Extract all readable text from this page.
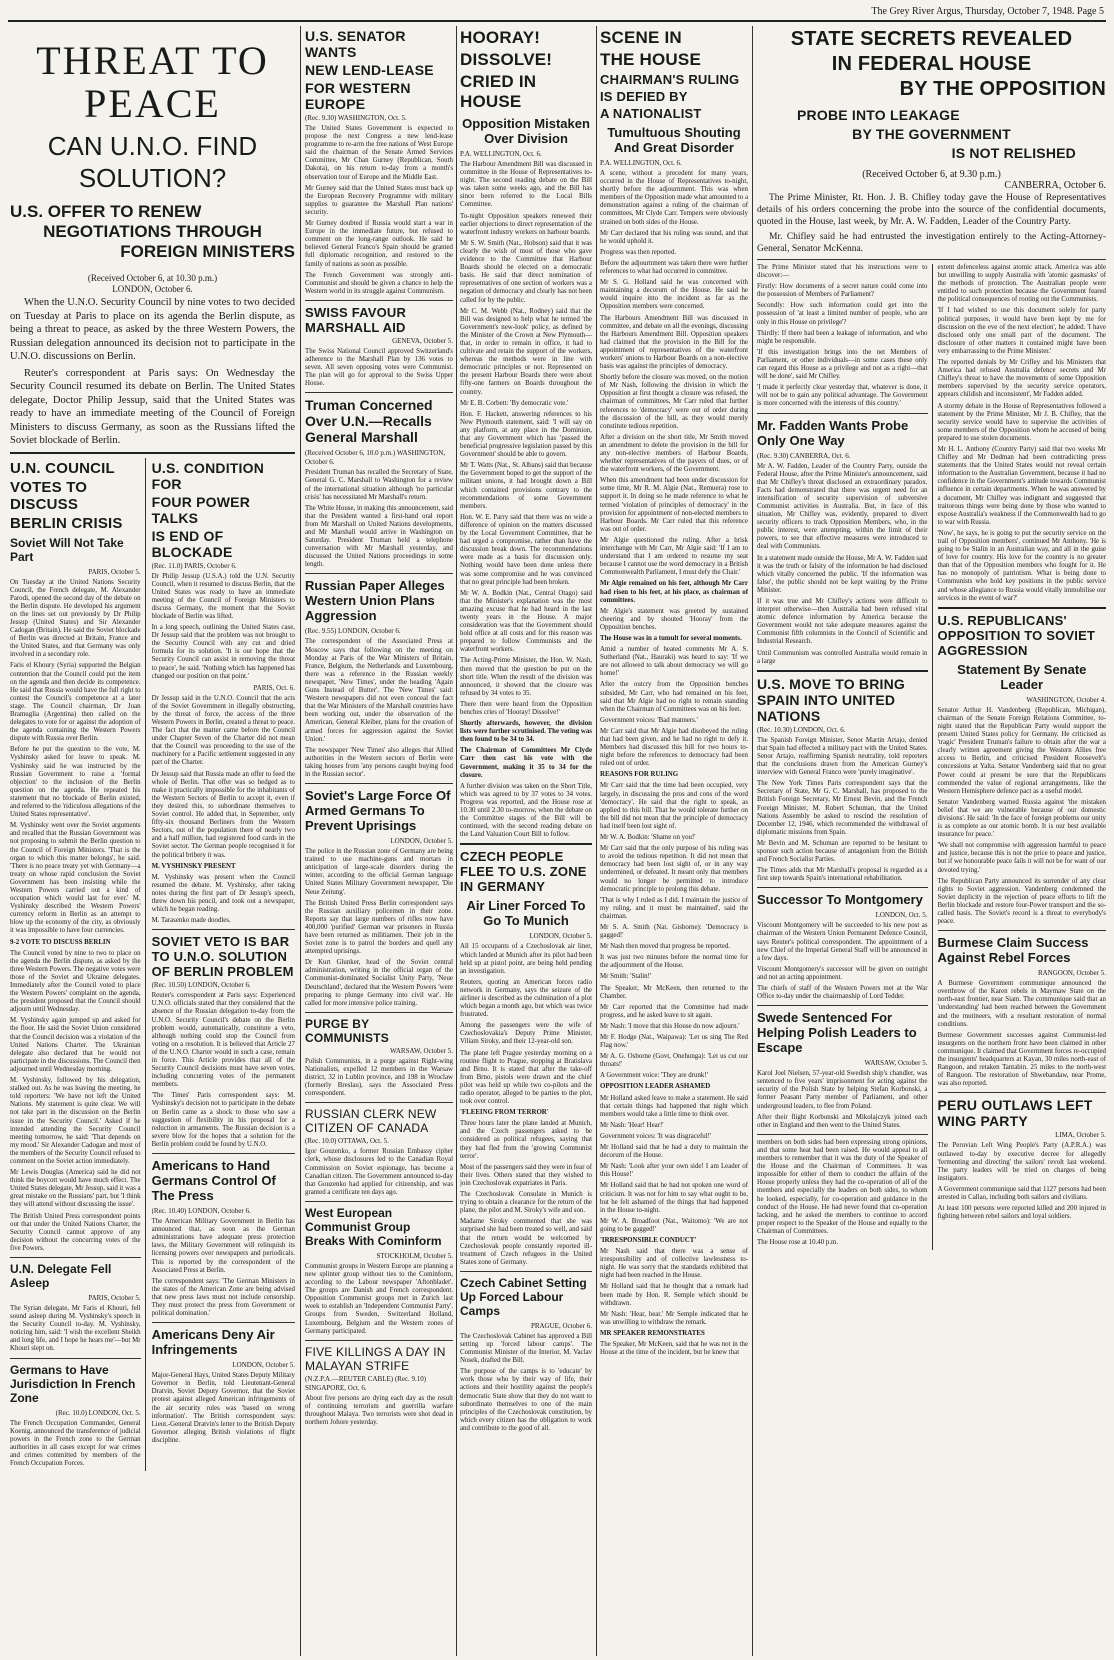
The Grey River Argus, Thursday, October 7, 1948. Page 5
THREAT TO
PEACE
CAN U.N.O. FIND
SOLUTION?
U.S. OFFER TO RENEW
NEGOTIATIONS THROUGH
FOREIGN MINISTERS
(Received October 6, at 10.30 p.m.)
LONDON, October 6.

When the U.N.O. Security Council by nine votes to two decided on Tuesday at Paris to place on its agenda the Berlin dispute, as being a threat to peace, as asked by the three Western Powers, the Russian delegation announced its decision not to participate in the U.N.O. discussions on Berlin.

Reuter's correspondent at Paris says: On Wednesday the Security Council resumed its debate on Berlin. The United States delegate, Doctor Philip Jessup, said that the United States was ready to have an immediate meeting of the Council of Foreign Ministers to discuss Germany, as soon as the Russians lifted the Soviet blockade of Berlin.

U.N. COUNCIL
VOTES TO DISCUSS
BERLIN CRISIS
Soviet Will Not Take Part
PARIS, October 5.

On Tuesday at the United Nations Security Council, the French delegate, M. Alexander Parodi, opened the second day of the debate on the Berlin dispute. He developed his argument on the lines set out previously by Dr Philip Jessup (United States) and Sir Alexander Cadogan (Britain). He said the Soviet blockade of Berlin was directed at Britain, France and the United States, and that Germany was only involved in a secondary role.

Faris el Khoury (Syria) supported the Belgian contention that the Council could put the item on the agenda and then decide its competence. He said that Russia would have the full right to contest the Council's competence at a later stage. The Council chairman, Dr Juan Bramuglia (Argentina) then called on the delegates to vote for or against the adoption of the agenda containing the Western Powers dispute with Russia over Berlin.

Before he put the question to the vote, M. Vyshinsky asked for leave to speak. M. Vyshinsky said he was instructed by the Russian Government to raise a 'formal objection' to the inclusion of the Berlin question on the agenda. He repeated his statement that no blockade of Berlin existed, and referred to the 'ridiculous allegations of the United States representative'.

M. Vyshinsky went over the Soviet arguments and recalled that the Russian Government was not proposing to submit the Berlin question to the Council of Foreign Ministers. 'That is the organ to which this matter belongs', he said. 'There is no peace treaty yet with Germany—a treaty on whose rapid conclusion the Soviet Government has been insisting while the Western Powers carried out a kind of occupation which would last for ever.' M. Vyshinsky described the Western Powers' currency reform in Berlin as an attempt to blow up the economy of the city, as obviously it was impossible to have four currencies.

9-2 VOTE TO DISCUSS BERLIN

The Council voted by nine to two to place on the agenda the Berlin dispute, as asked by the three Western Powers. The negative votes were those of the Soviet and Ukraine delegates. Immediately after the Council voted to place the Western Powers' complaint on the agenda, the president proposed that the Council should adjourn until Wednesday.

M. Vyshinsky again jumped up and asked for the floor. He said the Soviet Union considered that the Council decision was a violation of the United Nations Charter. The Ukrainian delegate also declared that he would not participate in the discussions. The Council then adjourned until Wednesday morning.

M. Vyshinsky, followed by his delegation, stalked out. As he was leaving the meeting, he told reporters: 'We have not left the United Nations. My statement is quite clear. We will not take part in the discussion on the Berlin issue in the Security Council.' Asked if he intended attending the Security Council meeting tomorrow, he said: 'That depends on my mood.' Sir Alexander Cadogan and most of the members of the Security Council refused to comment on the Soviet action immediately.

Mr Lewis Douglas (America) said he did not think the boycott would have much effect. The United States delegate, Mr Jessup, said it was a great mistake on the Russians' part, but 'I think they will attend without discussing the issue'.

The British United Press correspondent points out that under the United Nations Charter, the Security Council cannot approve of any decision without the concurring votes of the five Powers.

U.N. Delegate Fell Asleep
PARIS, October 5.

The Syrian delegate, Mr Faris el Khouri, fell sound asleep during M. Vyshinsky's speech in the Security Council to-day. M. Vyshinsky, noticing him, said: 'I wish the excellent Sheikh and long life, and I hope he hears me'—but Mr Khouri slept on.

Germans to Have Jurisdiction In French Zone
(Rec. 10.0) LONDON, Oct. 5.

The French Occupation Commander, General Koenig, announced the transference of judicial powers in the French zone to the German authorities in all cases except for war crimes and crimes committed by members of the French Occupation Forces.

U.S. CONDITION FOR
FOUR POWER TALKS
IS END OF BLOCKADE
(Rec. 11.0) PARIS, October 6.

Dr Philip Jessup (U.S.A.) told the U.N. Security Council, when it resumed to discuss Berlin, that the United States was ready to have an immediate meeting of the Council of Foreign Ministers to discuss Germany, the moment that the Soviet blockade of Berlin was lifted.

In a long speech, outlining the United States case, Dr Jessup said that the problem was not brought to the Security Council with any cut and dried formula for its solution. 'It is our hope that the Security Council can assist in removing the threat to peace', he said. 'Nothing which has happened has changed our position on that point.'

PARIS, Oct. 6.

Dr Jessup said in the U.N.O. Council that the acts of the Soviet Government in illegally obstructing, by the threat of force, the access of the three Western Powers in Berlin, created a threat to peace. The fact that the matter came before the Council under Chapter Seven of the Charter did not mean that the Council was proceeding to the use of the machinery for a Pacific settlement suggested in any part of the Charter.

Dr Jessup said that Russia made an offer to feed the whole of Berlin. That offer was so hedged as to make it practically impossible for the inhabitants of the Western Sectors of Berlin to accept it, even if they desired this, to subordinate themselves to Soviet control. He added that, in September, only fifty-six thousand Berliners from the Western Sectors, out of the population there of nearly two and a half million, had registered food cards in the Soviet sector. The German people recognised it for the political bribery it was.

M. VYSHINSKY PRESENT

M. Vyshinsky was present when the Council resumed the debate. M. Vyshinsky, after taking notes during the first part of Dr Jessup's speech, threw down his pencil, and took out a newspaper, which he began reading.

M. Tarasenko made doodles.

SOVIET VETO IS BAR TO U.N.O. SOLUTION OF BERLIN PROBLEM
(Rec. 10.50) LONDON, October 6.

Reuter's correspondent at Paris says: Experienced U.N.O. officials stated that they considered that the absence of the Russian delegation to-day from the U.N.O. Security Council's debate on the Berlin problem would, automatically, constitute a veto, although nothing could stop the Council from voting on a resolution. It is believed that Article 27 of the U.N.O. Charter would in such a case, remain in force. This Article provides that all of the Security Council decisions must have seven votes, including concurring votes of the permanent members.

'The Times' Paris correspondent says: M. Vyshinsky's decision not to participate in the debate on Berlin came as a shock to those who saw a suggestion of flexibility in his proposal for a reduction in armaments. The Russian decision is a severe blow for the hopes that a solution for the Berlin problem could be found by U.N.O.

Americans to Hand Germans Control Of The Press
(Rec. 10.40) LONDON, October 6.

The American Military Government in Berlin has announced that, as soon as the German administrations have adequate press protection laws, the Military Government will relinquish its licensing powers over newspapers and periodicals. This is reported by the correspondent of the Associated Press at Berlin.

The correspondent says: 'The German Ministers in the states of the American Zone are being advised that new press laws must not include censorship. They must protect the press from Government or political domination.'

Americans Deny Air Infringements
LONDON, October 5.

Major-General Hays, United States Deputy Military Governor in Berlin, told Lieutenant-General Dratvin, Soviet Deputy Governor, that the Soviet protest against alleged American infringements of the air security rules was 'based on wrong information'. The British correspondent says: Lieut.-General Dratvin's letter to the British Deputy Governor alleging British violations of flight discipline.

U.S. SENATOR WANTS
NEW LEND-LEASE
FOR WESTERN EUROPE
(Rec. 9.30) WASHINGTON, Oct. 5.

The United States Government is expected to propose the next Congress a new lend-lease programme to re-arm the free nations of West Europe said the chairman of the Senate Armed Services Committee, Mr Chan Gurney (Republican, South Dakota), on his return to-day from a month's observation tour of Europe and the Middle East.

Mr Gurney said that the United States must back up the European Recovery Programme with military supplies to guarantee the Marshall Plan nations' security.

Mr Gurney doubted if Russia would start a war in Europe in the immediate future, but refused to comment on the long-range outlook. He said he believed General Franco's Spain should be granted full diplomatic recognition, and restored to the family of nations as soon as possible.

The French Government was strongly anti-Communist and should be given a chance to help the Western world in its struggle against Communism.

SWISS FAVOUR MARSHALL AID
GENEVA, October 5.

The Swiss National Council approved Switzerland's adherence to the Marshall Plan by 136 votes to seven. All seven opposing votes were Communist. The plan will go for approval to the Swiss Upper House.

Truman Concerned Over U.N.—Recalls General Marshall
(Received October 6, 10.0 p.m.) WASHINGTON, October 6.

President Truman has recalled the Secretary of State, General G. C. Marshall to Washington for a review of the international situation although 'no particular crisis' has necessitated Mr Marshall's return.

The White House, in making this announcement, said that the President wanted a first-hand oral report from Mr Marshall on United Nations developments, and Mr Marshall would arrive in Washington on Saturday. President Truman held a telephone conversation with Mr Marshall yesterday, and discussed the United Nations proceedings in some length.

Russian Paper Alleges Western Union Plans Aggression
(Rec. 9.55) LONDON, October 6.

The correspondent of the Associated Press at Moscow says that following on the meeting on Monday at Paris of the War Ministers of Britain, France, Belgium, the Netherlands and Luxembourg, there was a reference in the Russian weekly newspaper, 'New Times', under the heading 'Again Guns Instead of Butter'. The 'New Times' said: 'Western newspapers did not even conceal the fact that the War Ministers of the Marshall countries have been working out, under the observation of the American, General Kleiber, plans for the creation of armed forces for aggression against the Soviet Union.'

The newspaper 'New Times' also alleges that Allied authorities in the Western sectors of Berlin were taking houses from 'any persons caught buying food in the Russian sector'.

Soviet's Large Force Of Armed Germans To Prevent Uprisings
LONDON, October 5.

The police in the Russian zone of Germany are being trained to use machine-guns and mortars in anticipation of large-scale disorders during the winter, according to the official German language United States Military Government newspaper, 'Die Neue Zeitung'.

The British United Press Berlin correspondent says the Russian auxiliary policemen in their zone. Reports say that large numbers of rifles now have 400,000 'purified' German war prisoners in Russia have been returned as militiamen. Their job in the Soviet zone is to patrol the borders and quell any attempted uprisings.

Dr Kurt Glunker, head of the Soviet central administration, writing in the official organ of the Communist-dominated Socialist Unity Party, 'Neue Deutschland', declared that the Western Powers 'were preparing to plunge Germany into civil war'. He called for more intensive police training.

PURGE BY COMMUNISTS
WARSAW, October 5.

Polish Communists, in a purge against Right-wing Nationalists, expelled 12 members in the Warsaw district, 32 in Lublin province, and 198 in Wroclaw (formerly Breslau), says the Associated Press correspondent.

RUSSIAN CLERK NEW CITIZEN OF CANADA
(Rec. 10.0) OTTAWA, Oct. 5.

Igor Gouzenko, a former Russian Embassy cipher clerk, whose disclosures led to the Canadian Royal Commission on Soviet espionage, has become a Canadian citizen. The Government announced to-day that Gouzenko had applied for citizenship, and was granted a certificate ten days ago.

West European Communist Group Breaks With Cominform
STOCKHOLM, October 5.

Communist groups in Western Europe are planning a new splinter group without ties to the Cominform, according to the Labour newspaper 'Aftonbladet'. The groups are Danish and French correspondent. Opposition Communist groups met in Zurich last week to establish an 'Independent Communist Party'. Groups from Sweden, Switzerland Holland, Luxembourg, Belgium and the Western zones of Germany participated.

FIVE KILLINGS A DAY IN MALAYAN STRIFE
(N.Z.P.A.—REUTER CABLE) (Rec. 9.10) SINGAPORE, Oct. 6.

About five persons are dying each day as the result of continuing terrorism and guerrilla warfare throughout Malaya. Two terrorists were shot dead in northern Johore yesterday.

HOORAY!
DISSOLVE!
CRIED IN HOUSE
Opposition Mistaken Over Division
P.A. WELLINGTON, Oct. 6.

The Harbour Amendment Bill was discussed in committee in the House of Representatives to-night. The second reading debate on the Bill was taken some weeks ago, and the Bill has since been referred to the Local Bills Committee.

To-night Opposition speakers renewed their earlier objections to direct representation of the waterfront industry workers on harbour boards.

Mr S. W. Smith (Nat., Hobson) said that it was clearly the wish of most of those who gave evidence to the Committee that Harbour Boards should be elected on a democratic basis. He said that direct nomination of representatives of one section of workers was a negation of democracy and clearly has not been called for by the public.

Mr C. M. Webb (Nat., Rodney) said that the Bill was designed to help what he termed 'the Government's new-look' policy, as defined by the Minister of the Crown at New Plymouth—that, in order to remain in office, it had to cultivate and retain the support of the workers, whereas the methods were in line with democratic principles or not. Represented on the present Harbour Boards there were about fifty-one farmers on Boards throughout the country.

Mr E. B. Corbett: 'By democratic vote.'

Hon. F. Hackett, answering references to his New Plymouth statement, said: 'I will say on any platform, at any place in the Dominion, that any Government which has 'passed the beneficial progressive legislation passed by this Government' should be able to govern.

Mr T. Watts (Nat., St. Albans) said that because the Government hoped to get the support of the militant unions, it had brought down a Bill which contained provisions contrary to the recommendations of some Government members.

Hon. W. E. Parry said that there was no wide a difference of opinion on the matters discussed by the Local Government Committee, that he had urged a compromise, rather than have the discussion break down. The recommendations were made as a basis for discussion only. Nothing would have been done unless there was some compromise and he was convinced that no great principle had been broken.

Mr W. A. Bodkin (Nat., Central Otago) said that the Minister's explanation was the most amazing excuse that he had heard in the last twenty years in the House. A major consideration was that the Government should hold office at all costs and for this reason was prepared to follow Communists and the waterfront workers.

The Acting-Prime Minister, the Hon. W. Nash, then moved that the question be put on the short title. When the result of the division was announced, it showed that the closure was refused by 34 votes to 35.

There then were heard from the Opposition benches cries of 'Hooray! Dissolve!'

Shortly afterwards, however, the division lists were further scrutinised. The voting was then found to be 34 to 34.

The Chairman of Committees Mr Clyde Carr then cast his vote with the Government, making it 35 to 34 for the closure.

A further division was taken on the Short Title, which was agreed to by 37 votes to 34 votes. Progress was reported, and the House rose at 10.30 until 2.30 to-morrow, when the debate on the Committee stages of the Bill will be continued, with the second reading debate on the Land Valuation Court Bill to follow.

CZECH PEOPLE FLEE TO U.S. ZONE IN GERMANY
Air Liner Forced To Go To Munich
LONDON, October 5.

All 15 occupants of a Czechoslovak air liner, which landed at Munich after its pilot had been held up at pistol point, are being held pending an investigation.

Reuters, quoting an American forces radio network in Germany, says the seizure of the airliner is described as the culmination of a plot which began a month ago, but which was twice frustrated.

Among the passengers were the wife of Czechoslovakia's Deputy Prime Minister, Viliam Siroky, and their 12-year-old son.

The plane left Prague yesterday morning on a routine flight to Prague, stopping at Bratislava and Brno. It is stated that after the take-off from Brno, pistols were drawn and the chief pilot was held up while two co-pilots and the radio operator, alleged to be parties to the plot, took over control.

'FLEEING FROM TERROR'

Three hours later the plane landed at Munich, and the Czech passengers asked to be considered as political refugees, saying that they had fled from the 'growing Communist terror'.

Most of the passengers said they were in fear of their lives. Others stated that they wished to join Czechoslovak expatriates in Paris.

The Czechoslovak Consulate in Munich is trying to obtain a clearance for the return of the plane, the pilot and M. Siroky's wife and son.

Madame Siroky commented that she was surprised she had been treated so well, and said that the return would be welcomed by Czechoslovak people constantly reported ill-treatment of Czech refugees in the United States zone of Germany.

Czech Cabinet Setting Up Forced Labour Camps
PRAGUE, October 6.

The Czechoslovak Cabinet has approved a Bill setting up 'forced labour camps'. The Communist Minister of the Interior, M. Vaclav Nosek, drafted the Bill.

The purpose of the camps is to 'educate' by work those who by their way of life, their actions and their hostility against the people's democratic State show that they do not want to subordinate themselves to one of the main principles of the Czechoslovak constitution, by which every citizen has the obligation to work and contribute to the good of all.

SCENE IN
THE HOUSE
CHAIRMAN'S RULING
IS DEFIED BY
A NATIONALIST
Tumultuous Shouting And Great Disorder
P.A. WELLINGTON, Oct. 6.

A scene, without a precedent for many years, occurred in the House of Representatives to-night, shortly before the adjournment. This was when members of the Opposition made what amounted to a demonstration against a ruling of the chairman of committees, Mr Clyde Carr. Tempers were obviously strained on both sides of the House.

Mr Carr declared that his ruling was sound, and that he would uphold it.

Progress was then reported.

Before the adjournment was taken there were further references to what had occurred in committee.

Mr S. G. Holland said he was concerned with maintaining a decorum of the House. He said he would inquire into the incident as far as the Opposition members were concerned.

The Harbours Amendment Bill was discussed in committee, and debate on all the evenings, discussing the Harbours Amendment Bill. Opposition speakers had claimed that the provision in the Bill for the appointment of representatives of the waterfront workers' unions to Harbour Boards on a non-elective basis was against the principles of democracy.

Shortly before the closure was moved, on the motion of Mr Nash, following the division in which the Opposition at first thought a closure was refused, the chairman of committees, Mr Carr ruled that further references to 'democracy' were out of order during the discussion of the bill, as they would merely constitute tedious repetition.

After a division on the short title, Mr Smith moved an amendment to delete the provision in the bill for any non-elective members of Harbour Boards, whether representatives of the payers of dues, or of the waterfront workers, of the Government.

When this amendment had been under discussion for some time, Mr R. M. Algie (Nat., Remuera) rose to support it. In doing so he made reference to what he termed 'violation of principles of democracy' in the provision for appointment of non-elected members to Harbour Boards. Mr Carr ruled that this reference was out of order.

Mr Algie questioned the ruling. After a brisk interchange with Mr Carr, Mr Algie said: 'If I am to understand that I am ordered to resume my seat because I cannot use the word democracy in a British Commonwealth Parliament, I must defy the Chair.'

Mr Algie remained on his feet, although Mr Carr had risen to his feet, at his place, as chairman of committees.

Mr Algie's statement was greeted by sustained cheering and by shouted 'Hooray' from the Opposition benches.

The House was in a tumult for several moments.

Amid a number of heated comments Mr A. S. Sutherland (Nat., Hauraki) was heard to say: 'If we are not allowed to talk about democracy we will go home!'

After the outcry from the Opposition benches subsided, Mr Carr, who had remained on his feet, said that Mr Algie had no right to remain standing when the Chairman of Committees was on his feet.

Government voices: 'Bad manners.'

Mr Carr said that Mr Algie had disobeyed the ruling that had been given, and he had no right to defy it. Members had discussed this bill for two hours to-night before the references to democracy had been ruled out of order.

REASONS FOR RULING

Mr Carr said that the time had been occupied, very largely, in discussing the pros and cons of the word 'democracy'. He said that the right to speak, as applied to this bill. That he would tolerate further on the bill did not mean that the principle of democracy had itself been lost sight of.

Mr W. A. Bodkin: 'Shame on you!'

Mr Carr said that the only purpose of his ruling was to avoid the tedious repetition. It did not mean that democracy had been lost sight of, or in any way undermined, or defeated. It meant only that members would no longer be permitted to introduce democratic principle to prolong this debate.

'That is why I ruled as I did. I maintain the justice of my ruling, and it must be maintained', said the chairman.

Mr S. A. Smith (Nat. Gisborne): 'Democracy is gagged!'

Mr Nash then moved that progress be reported.

It was just two minutes before the normal time for the adjournment of the House.

Mr Smith: 'Stalin!'

The Speaker, Mr McKeen, then returned to the Chamber.

Mr Carr reported that the Committee had made progress, and he asked leave to sit again.

Mr Nash: 'I move that this House do now adjourn.'

Mr F. Hodge (Nat., Waipawa): 'Let us sing The Red Flag now.'

Mr A. G. Osborne (Govt, Onehunga): 'Let us cut our throats!'

A Government voice: 'They are drunk!'

OPPOSITION LEADER ASHAMED

Mr Holland asked leave to make a statement. He said that certain things had happened that night which members would take a little time to think over.

Mr Nash: 'Hear! Hear!'

Government voices: 'It was disgraceful!'

Mr Holland said that he had a duty to maintain the decorum of the House.

Mr Nash: 'Look after your own side! I am Leader of this House!'

Mr Holland said that he had not spoken one word of criticism. It was not for him to say what ought to be, but he felt ashamed of the things that had happened in the House to-night.

Mr W. A. Broadfoot (Nat., Waitomo): 'We are not going to be gagged!'

'IRRESPONSIBLE CONDUCT'

Mr Nash said that there was a sense of irresponsibility and of collective lawlessness to-night. He was sorry that the standards exhibited that night had been reached in the House.

Mr Holland said that he thought that a remark had been made by Hon. R. Semple which should be withdrawn.

Mr Nash: 'Hear, hear.' Mr Semple indicated that he was unwilling to withdraw the remark.

MR SPEAKER REMONSTRATES

The Speaker, Mr McKeen, said that he was not in the House at the time of the incident, but he knew that

STATE SECRETS REVEALED
IN FEDERAL HOUSE
BY THE OPPOSITION
PROBE INTO LEAKAGE
BY THE GOVERNMENT
IS NOT RELISHED
(Received October 6, at 9.30 p.m.)
CANBERRA, October 6.

The Prime Minister, Rt. Hon. J. B. Chifley today gave the House of Representatives details of his orders concerning the probe into the source of the confidential documents, quoted in the House, last week, by Mr. A. W. Fadden, Leader of the Country Party.

Mr. Chifley said he had entrusted the investigation entirely to the Acting-Attorney-General, Senator McKenna.

The Prime Minister stated that his instructions were to discover:—

Firstly: How documents of a secret nature could come into the possession of Members of Parliament?

Secondly: How such information could get into the possession of 'at least a limited number of people, who are only in this House on privilege'?

Thirdly: If there had been a leakage of information, and who might be responsible.

'If this investigation brings into the net Members of Parliament, or other individuals—in some cases these only can regard this House as a privilege and not as a right—that will be done', said Mr Chifley.

'I made it perfectly clear yesterday that, whatever is done, it will not be to gain any political advantage. The Government is more concerned with the interests of this country.'

Mr. Fadden Wants Probe Only One Way
(Rec. 9.30) CANBERRA, Oct. 6.

Mr A. W. Fadden, Leader of the Country Party, outside the Federal House, after the Prime Minister's announcement, said that Mr Chifley's threat disclosed an extraordinary paradox. Facts had demonstrated that there was urgent need for an intensification of security supervision of subversive Communist activities in Australia. But, in face of this situation, Mr Chifley was, evidently, prepared to divert security officers to track Opposition Members, who, in the public interest, were attempting, within the limit of their powers, to see that effective measures were introduced to deal with Communists.

In a statement made outside the House, Mr A. W. Fadden said it was the truth or falsity of the information he had disclosed which vitally concerned the public. 'If the information was false', the public should not be kept waiting by the Prime Minister.

If it was true and Mr Chifley's actions were difficult to interpret otherwise—then Australia had been refused vital atomic defence information by America because the Government would not take adequate measures against the Communist fifth columnists in the Council of Scientific and Industrial Research.

Until Communism was controlled Australia would remain in a large

U.S. MOVE TO BRING SPAIN INTO UNITED NATIONS
(Rec. 10.30) LONDON, Oct. 6.

The Spanish Foreign Minister, Senor Martin Artajo, denied that Spain had effected a military pact with the United States. Senor Artajo, reaffirming Spanish neutrality, told reporters that the conclusions drawn from the American Gurney's interview with General Franco were 'purely imaginative'.

The New York Times Paris correspondent says that the Secretary of State, Mr G. C. Marshall, has proposed to the British Foreign Secretary, Mr Ernest Bevin, and the French Foreign Minister, M. Robert Schuman, that the United Nations Assembly be asked to rescind the resolution of December 12, 1946, which recommended the withdrawal of diplomatic missions from Spain.

Mr Bevin and M. Schuman are reported to be hesitant to sponsor such action because of antagonism from the British and French Socialist Parties.

The Times adds that Mr Marshall's proposal is regarded as a first step towards Spain's international rehabilitation.

Successor To Montgomery
LONDON, Oct. 5.

Viscount Montgomery will be succeeded to his new post as chairman of the Western Union Permanent Defence Council, says Reuter's political correspondent. The appointment of a new Chief of the Imperial General Staff will be announced in a few days.

Viscount Montgomery's successor will be given on outright and not an acting appointment.

The chiefs of staff of the Western Powers met at the War Office to-day under the chairmanship of Lord Tedder.

Swede Sentenced For Helping Polish Leaders to Escape
WARSAW, October 5.

Karol Joel Nielsen, 57-year-old Swedish ship's chandler, was sentenced to five years' imprisonment for acting against the security of the Polish State by helping Stefan Korbonski, a former Peasant Party member of Parliament, and other underground leaders, to flee from Poland.

After their flight Korbonski and Mikolajczyk joined each other in England and then went to the United States.

members on both sides had been expressing strong opinions, and that some heat had been raised. He would appeal to all members to remember that it was the duty of the Speaker of the House and the Chairman of Committees. It was impossible for either of them to conduct the affairs of the House properly unless they had the co-operation of all of the members and especially the leaders on both sides, to whom he looked, especially, for co-operation and guidance in the conduct of the House. He had never found that co-operation lacking, and he asked the members to continue to accord proper respect to the Speaker of the House and equally to the Chairman of Committees.

The House rose at 10.40 p.m.

extent defenceless against atomic attack. America was able but unwilling to supply Australia with 'atomic gasmasks' of the methods of protection. The Australian people were entitled to such protection because the Government feared the political consequences of rooting out the Communists.

'If I had wished to use this document solely for party political purposes, it would have been kept by me for discussion on the eve of the next election', he added. 'I have disclosed only one small part of the document. The disclosure of other matters it contained might have been very embarrassing to the Prime Minister.'

The reported denials by Mr Crifley and his Ministers that America had refused Australia defence secrets and Mr Chifley's threat to have the movements of some Opposition members supervised by the security service operators, appears childish and inconsistent', Mr Fadden added.

A stormy debate in the House of Representatives followed a statement by the Prime Minister, Mr J. B. Chifley, that the security service would have to supervise the activities of some members of the Opposition whom he accused of being prepared to use stolen documents.

Mr H. L. Anthony (Country Party) said that two weeks Mr Chifley and Mr Dedman had been contradicting press statements that the United States would not reveal certain information to the Australian Government, because it had no confidence in the Government's attitude towards Communist influence in certain departments. When he was answered by a document, Mr Chifley was indignant and suggested that traitorous things were being done by those who wanted to expose Australia's weakness if the Commonwealth had to go to war with Russia.

'Now', he says, he is going to put the security service on the trail of Opposition members', continued Mr Anthony. 'He is going to be Stalin in an Australian way, and all in the guise of love for country. His love for the country is no greater than that of the Opposition members who fought for it. He has no monopoly of patriotism. What is being done to Communists who hold key positions in the public service and whose allegiance to Russia would vitally immobilise our services in the event of war?'

U.S. REPUBLICANS' OPPOSITION TO SOVIET AGGRESSION
Statement By Senate Leader
WASHINGTON, October 4.

Senator Arthur H. Vandenberg (Republican, Michigan), chairman of the Senate Foreign Relations Committee, to-night stated that the Republican Party would support the present United States policy for Germany. He criticised as 'tragic' President Truman's failure to obtain after the war a clearly written agreement giving the Western Allies free access to Berlin, and criticised President Roosevelt's concessions at Yalta. Senator Vandenberg said that no great Power could at present be sure that the Republicans commended the value of regional arrangements, like the Western Hemisphere defence pact as a useful model.

Senator Vandenberg warned Russia against 'the mistaken belief that we are vulnerable because of our domestic divisions'. He said: 'In the face of foreign problems our unity is as complete as our atomic bomb. It is our best available insurance for peace.'

'We shall not compromise with aggression harmful to peace and justice, because this is not the price to peace and justice, but if we honourable peace fails it will not be for want of our devoted trying.'

The Republican Party announced its surrender of any clear rights to Soviet aggression. Vandenberg condemned the Soviet duplicity in the rejection of peace efforts to lift the Berlin blockade and restore four-Power transport and the so-called basis. The Soviet's record is a threat to everybody's peace.

Burmese Claim Success Against Rebel Forces
RANGOON, October 5.

A Burmese Government communique announced the overthrow of the Karen rebels in Maymaw State on the north-east frontier, near Siam. The communique said that an 'understanding' had been reached between the Government and the mutineers, with a resultant restoration of normal conditions.

Burmese Government successes against Communist-led insurgents on the northern front have been claimed in other communique. It claimed that Government forces re-occupied the insurgents' headquarters at Kayan, 30 miles north-east of Rangoon, and retaken Tantabin. 25 miles to the north-west of Rangoon. The restoration of Shwebandaw, near Prome, was also reported.

PERU OUTLAWS LEFT WING PARTY
LIMA, October 5.

The Peruvian Left Wing People's Party (A.P.R.A.) was outlawed to-day by executive decree for allegedly 'fermenting and directing' the sailors' revolt last weekend. The party leaders will be tried on charges of being instigators.

A Government communique said that 1127 persons had been arrested in Callao, including both sailors and civilians.

At least 100 persons were reported killed and 200 injured in fighting between rebel sailors and loyal soldiers.
